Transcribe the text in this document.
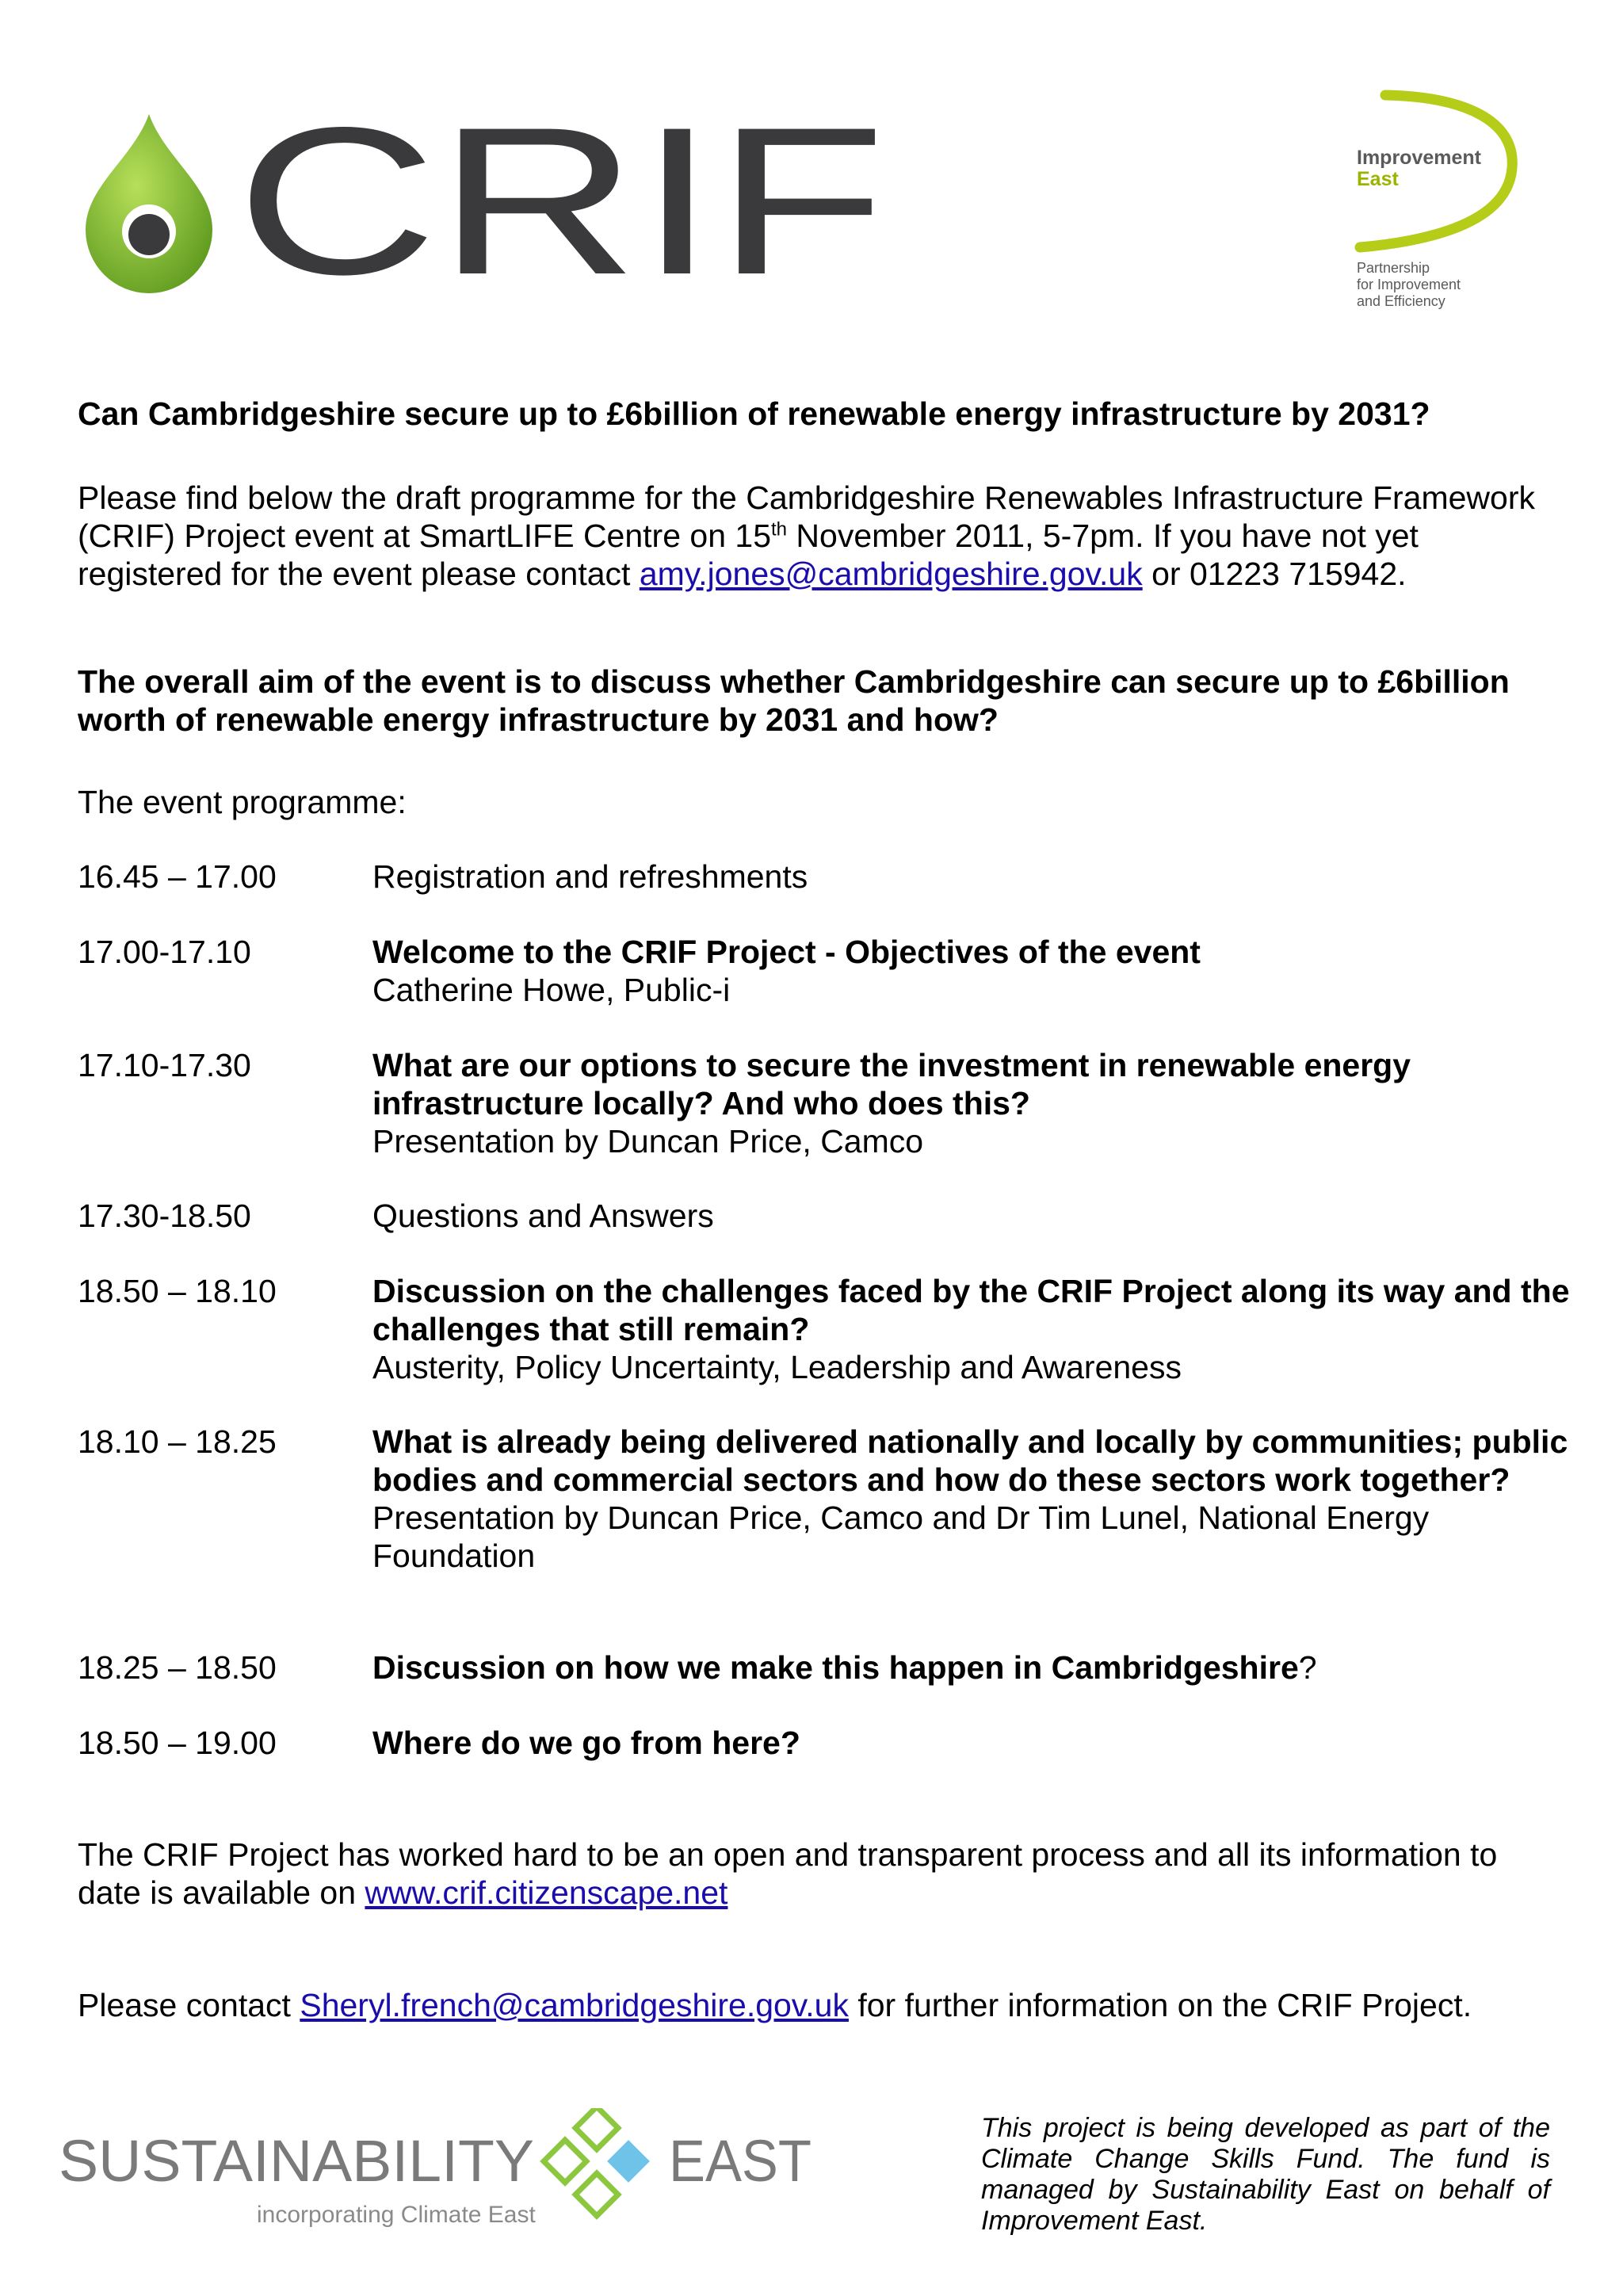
CRIF	Improvement
East
Partnership
for Improvement
and Efficiency
Can Cambridgeshire secure up to £6billion of renewable energy infrastructure by 2031?
Please find below the draft programme for the Cambridgeshire Renewables Infrastructure Framework (CRIF) Project event at SmartLIFE Centre on 15th November 2011, 5-7pm. If you have not yet registered for the event please contact amy.jones@cambridgeshire.gov.uk or 01223 715942.
The overall aim of the event is to discuss whether Cambridgeshire can secure up to £6billion worth of renewable energy infrastructure by 2031 and how?
The event programme:
16.45 – 17.00	Registration and refreshments
17.00-17.10	Welcome to the CRIF Project - Objectives of the event
Catherine Howe, Public-i
17.10-17.30	What are our options to secure the investment in renewable energy infrastructure locally? And who does this?
Presentation by Duncan Price, Camco
17.30-18.50	Questions and Answers
18.50 – 18.10	Discussion on the challenges faced by the CRIF Project along its way and the challenges that still remain?
Austerity, Policy Uncertainty, Leadership and Awareness
18.10 – 18.25	What is already being delivered nationally and locally by communities; public bodies and commercial sectors and how do these sectors work together?
Presentation by Duncan Price, Camco and Dr Tim Lunel, National Energy Foundation
18.25 – 18.50	Discussion on how we make this happen in Cambridgeshire?
18.50 – 19.00	Where do we go from here?
The CRIF Project has worked hard to be an open and transparent process and all its information to date is available on www.crif.citizenscape.net
Please contact Sheryl.french@cambridgeshire.gov.uk for further information on the CRIF Project.
SUSTAINABILITY EAST
incorporating Climate East
This project is being developed as part of the Climate Change Skills Fund. The fund is managed by Sustainability East on behalf of Improvement East.
